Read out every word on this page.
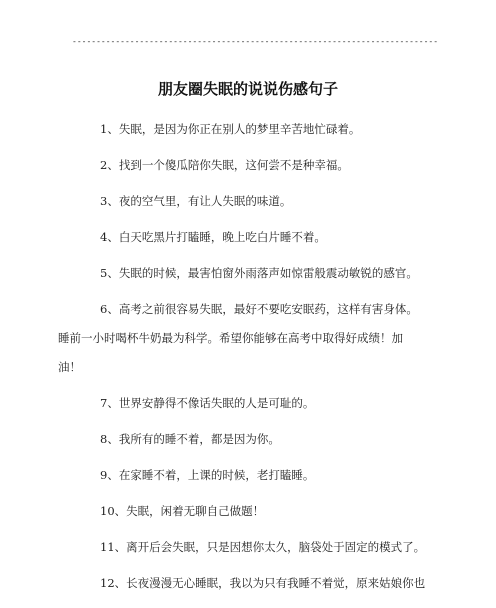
----------------------------------------------------------------------------
朋友圈失眠的说说伤感句子

1、失眠，是因为你正在别人的梦里辛苦地忙碌着。

2、找到一个傻瓜陪你失眠，这何尝不是种幸福。

3、夜的空气里，有让人失眠的味道。

4、白天吃黑片打瞌睡，晚上吃白片睡不着。

5、失眠的时候，最害怕窗外雨落声如惊雷般震动敏锐的感官。

6、高考之前很容易失眠，最好不要吃安眠药，这样有害身体。
睡前一小时喝杯牛奶最为科学。希望你能够在高考中取得好成绩！加
油！

7、世界安静得不像话失眠的人是可耻的。

8、我所有的睡不着，都是因为你。

9、在家睡不着，上课的时候，老打瞌睡。

10、失眠，闲着无聊自己做题！

11、离开后会失眠，只是因想你太久，脑袋处于固定的模式了。

12、长夜漫漫无心睡眠，我以为只有我睡不着觉，原来姑娘你也
